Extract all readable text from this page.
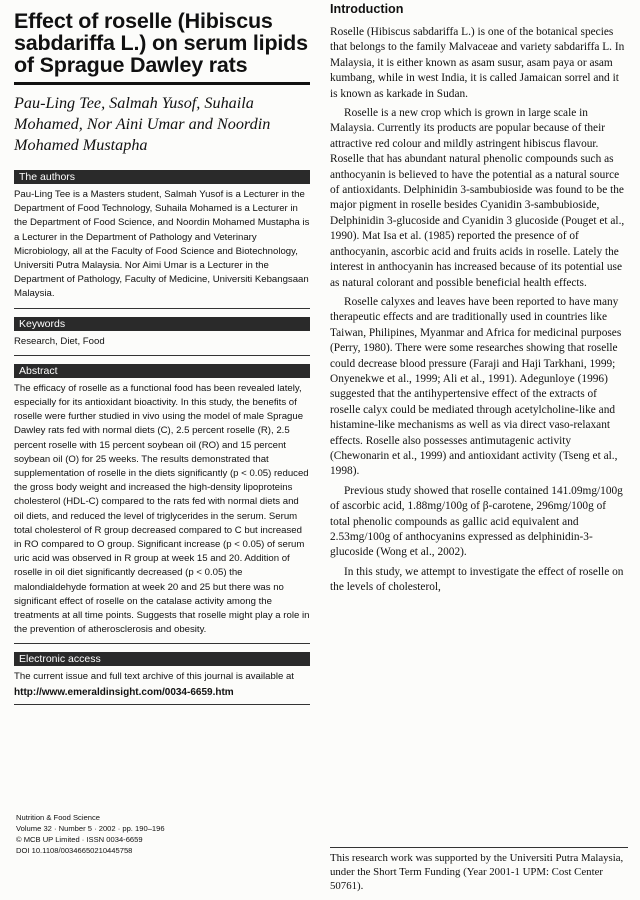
Effect of roselle (Hibiscus sabdariffa L.) on serum lipids of Sprague Dawley rats

Pau-Ling Tee, Salmah Yusof, Suhaila Mohamed, Nor Aini Umar and Noordin Mohamed Mustapha

The authors

Pau-Ling Tee is a Masters student, Salmah Yusof is a Lecturer in the Department of Food Technology, Suhaila Mohamed is a Lecturer in the Department of Food Science, and Noordin Mohamed Mustapha is a Lecturer in the Department of Pathology and Veterinary Microbiology, all at the Faculty of Food Science and Biotechnology, Universiti Putra Malaysia. Nor Aimi Umar is a Lecturer in the Department of Pathology, Faculty of Medicine, Universiti Kebangsaan Malaysia.

Keywords

Research, Diet, Food

Abstract

The efficacy of roselle as a functional food has been revealed lately, especially for its antioxidant bioactivity. In this study, the benefits of roselle were further studied in vivo using the model of male Sprague Dawley rats fed with normal diets (C), 2.5 percent roselle (R), 2.5 percent roselle with 15 percent soybean oil (RO) and 15 percent soybean oil (O) for 25 weeks. The results demonstrated that supplementation of roselle in the diets significantly (p < 0.05) reduced the gross body weight and increased the high-density lipoproteins cholesterol (HDL-C) compared to the rats fed with normal diets and oil diets, and reduced the level of triglycerides in the serum. Serum total cholesterol of R group decreased compared to C but increased in RO compared to O group. Significant increase (p < 0.05) of serum uric acid was observed in R group at week 15 and 20. Addition of roselle in oil diet significantly decreased (p < 0.05) the malondialdehyde formation at week 20 and 25 but there was no significant effect of roselle on the catalase activity among the treatments at all time points. Suggests that roselle might play a role in the prevention of atherosclerosis and obesity.

Electronic access

The current issue and full text archive of this journal is available at

http://www.emeraldinsight.com/0034-6659.htm
Nutrition & Food Science
Volume 32 · Number 5 · 2002 · pp. 190–196
© MCB UP Limited · ISSN 0034-6659
DOI 10.1108/00346650210445758
Introduction

Roselle (Hibiscus sabdariffa L.) is one of the botanical species that belongs to the family Malvaceae and variety sabdariffa L. In Malaysia, it is either known as asam susur, asam paya or asam kumbang, while in west India, it is called Jamaican sorrel and it is known as karkade in Sudan.

Roselle is a new crop which is grown in large scale in Malaysia. Currently its products are popular because of their attractive red colour and mildly astringent hibiscus flavour. Roselle that has abundant natural phenolic compounds such as anthocyanin is believed to have the potential as a natural source of antioxidants. Delphinidin 3-sambubioside was found to be the major pigment in roselle besides Cyanidin 3-sambubioside, Delphinidin 3-glucoside and Cyanidin 3 glucoside (Pouget et al., 1990). Mat Isa et al. (1985) reported the presence of of anthocyanin, ascorbic acid and fruits acids in roselle. Lately the interest in anthocyanin has increased because of its potential use as natural colorant and possible beneficial health effects.

Roselle calyxes and leaves have been reported to have many therapeutic effects and are traditionally used in countries like Taiwan, Philipines, Myanmar and Africa for medicinal purposes (Perry, 1980). There were some researches showing that roselle could decrease blood pressure (Faraji and Haji Tarkhani, 1999; Onyenekwe et al., 1999; Ali et al., 1991). Adegunloye (1996) suggested that the antihypertensive effect of the extracts of roselle calyx could be mediated through acetylcholine-like and histamine-like mechanisms as well as via direct vaso-relaxant effects. Roselle also possesses antimutagenic activity (Chewonarin et al., 1999) and antioxidant activity (Tseng et al., 1998).

Previous study showed that roselle contained 141.09mg/100g of ascorbic acid, 1.88mg/100g of β-carotene, 296mg/100g of total phenolic compounds as gallic acid equivalent and 2.53mg/100g of anthocyanins expressed as delphinidin-3-glucoside (Wong et al., 2002).

In this study, we attempt to investigate the effect of roselle on the levels of cholesterol,

This research work was supported by the Universiti Putra Malaysia, under the Short Term Funding (Year 2001-1 UPM: Cost Center 50761).
